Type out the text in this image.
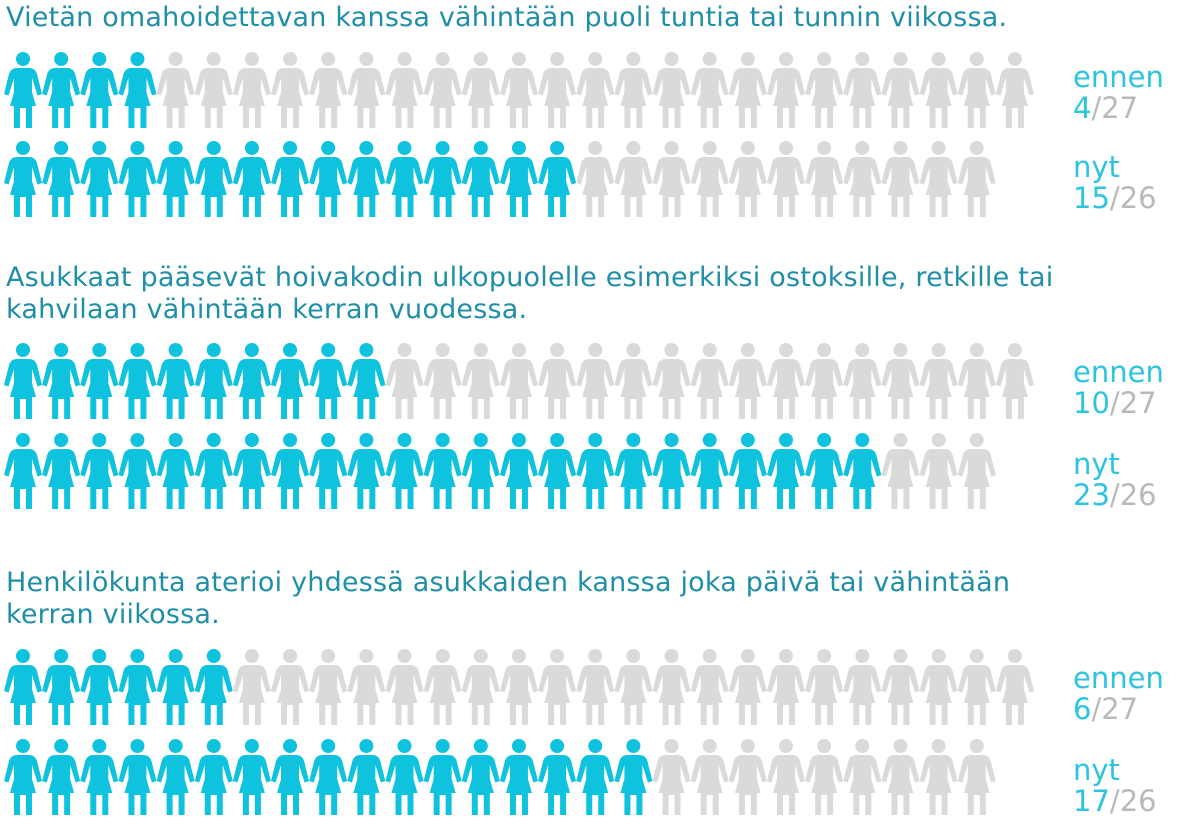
Vietän omahoidettavan kanssa vähintään puoli tuntia tai tunnin viikossa.
ennen
4/27
nyt
15/26
Asukkaat pääsevät hoivakodin ulkopuolelle esimerkiksi ostoksille, retkille tai kahvilaan vähintään kerran vuodessa.
ennen
10/27
nyt
23/26
Henkilökunta aterioi yhdessä asukkaiden kanssa joka päivä tai vähintään kerran viikossa.
ennen
6/27
nyt
17/26
